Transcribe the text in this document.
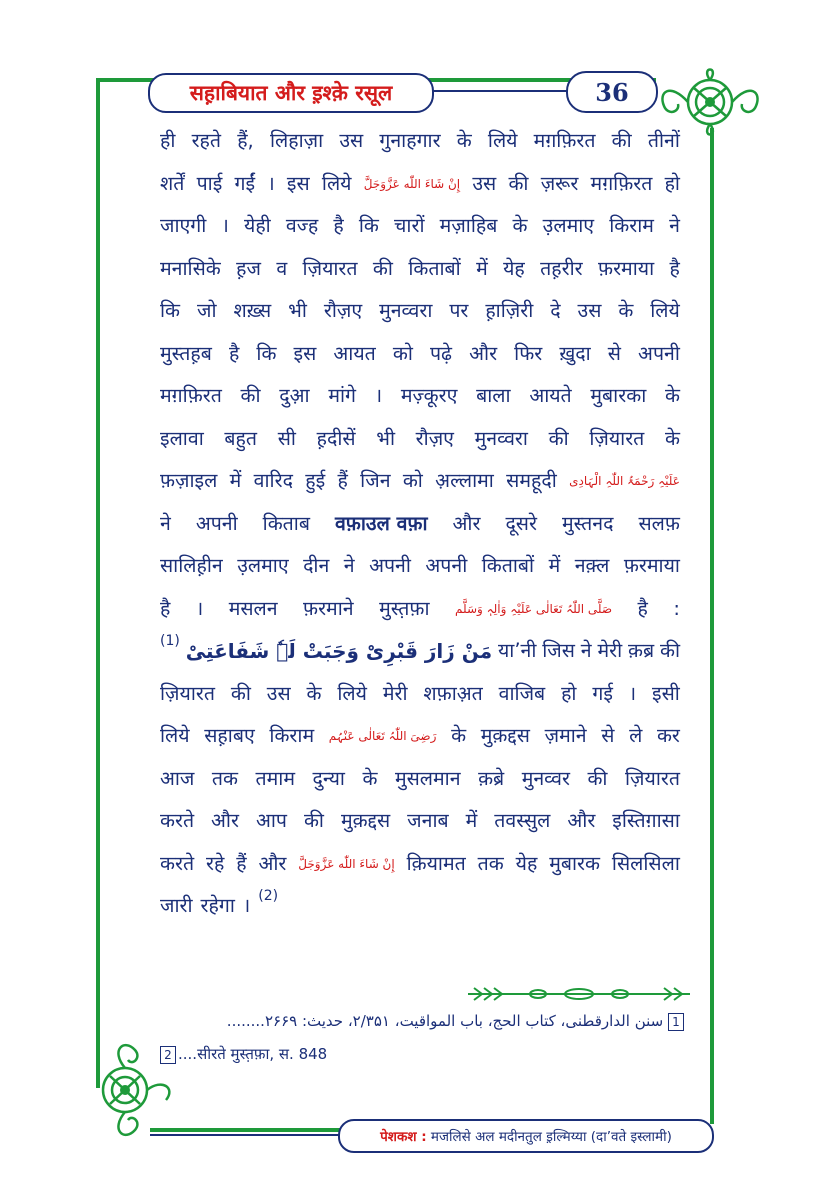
सह़ाबियात और इ़श्क़े रसूल	36
ही रहते हैं, लिहाज़ा उस गुनाहगार के लिये मग़फ़िरत की तीनों
शर्तें पाई गईं । इस लिये إِنْ شَاءَ اللّٰه عَزَّوَجَلَّ उस की ज़रूर मग़फ़िरत हो
जाएगी । येही वज्ह है कि चारों मज़ाहिब के उ़लमाए किराम ने
मनासिके ह़ज व ज़ियारत की किताबों में येह तह़रीर फ़रमाया है
कि जो शख़्स भी रौज़ए मुनव्वरा पर ह़ाज़िरी दे उस के लिये
मुस्तह़ब है कि इस आयत को पढ़े और फिर ख़ुदा से अपनी
मग़फ़िरत की दुआ़ मांगे । मज़्कूरए बाला आयते मुबारका के
इलावा बहुत सी ह़दीसें भी रौज़ए मुनव्वरा की ज़ियारत के
फ़ज़ाइल में वारिद हुई हैं जिन को अ़ल्लामा समहूदी عَلَیْہِ رَحْمَۃُ اللّٰہِ الْہَادِی
ने अपनी किताब वफ़ाउल वफ़ा और दूसरे मुस्तनद सलफ़
सालिह़ीन उ़लमाए दीन ने अपनी अपनी किताबों में नक़्ल फ़रमाया
है । मसलन फ़रमाने मुस्त़फ़ा صَلَّی اللّٰہُ تَعَالٰی عَلَیْہِ وَاٰلِہٖ وَسَلَّم है :
(1) مَنْ زَارَ قَبْرِیْ وَجَبَتْ لَہٗ شَفَاعَتِیْ या’नी जिस ने मेरी क़ब्र की
ज़ियारत की उस के लिये मेरी शफ़ाअ़त वाजिब हो गई । इसी
लिये सह़ाबए किराम رَضِیَ اللّٰہُ تَعَالٰی عَنْہُم के मुक़द्दस ज़माने से ले कर
आज तक तमाम दुन्या के मुसलमान क़ब्रे मुनव्वर की ज़ियारत
करते और आप की मुक़द्दस जनाब में तवस्सुल और इस्तिग़ासा
करते रहे हैं और إِنْ شَاءَ اللّٰه عَزَّوَجَلَّ क़ियामत तक येह मुबारक सिलसिला
जारी रहेगा । (2)
1 سنن الدارقطنی، کتاب الحج، باب المواقیت، ۲/۳۵۱، حدیث: ۲۶۶۹........
2 ....सीरते मुस्त़फ़ा, स. 848
पेशकश :
मजलिसे अल मदीनतुल इ़ल्मिय्या (दा’वते इस्लामी)
